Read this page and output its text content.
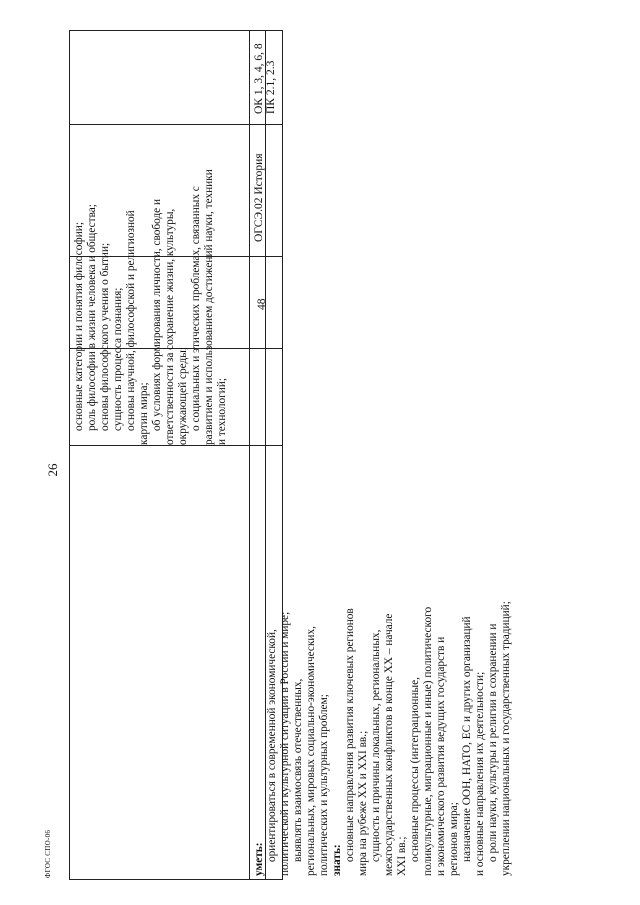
26
ФГОС СПО-06
основные категории и понятия философии; роль философии в жизни человека и общества; основы философского учения о бытии; сущность процесса познания; основы научной, философской и религиозной картин мира; об условиях формирования личности, свободе и ответственности за сохранение жизни, культуры, окружающей среды; о социальных и этических проблемах, связанных с развитием и использованием достижений науки, техники и технологий;
уметь: ориентироваться в современной экономической, политической и культурной ситуации в России и мире; выявлять взаимосвязь отечественных, региональных, мировых социально-экономических, политических и культурных проблем; знать: основные направления развития ключевых регионов мира на рубеже XX и XXI вв.; сущность и причины локальных, региональных, межгосударственных конфликтов в конце XX – начале XXI вв.; основные процессы (интеграционные, поликультурные, миграционные и иные) политического и экономического развития ведущих государств и регионов мира; назначение ООН, НАТО, ЕС и других организаций и основные направления их деятельности; о роли науки, культуры и религии в сохранении и укреплении национальных и государственных традиций;
48
ОГСЭ.02 История
ОК 1, 3, 4, 6, 8 ПК 2.1, 2.3
